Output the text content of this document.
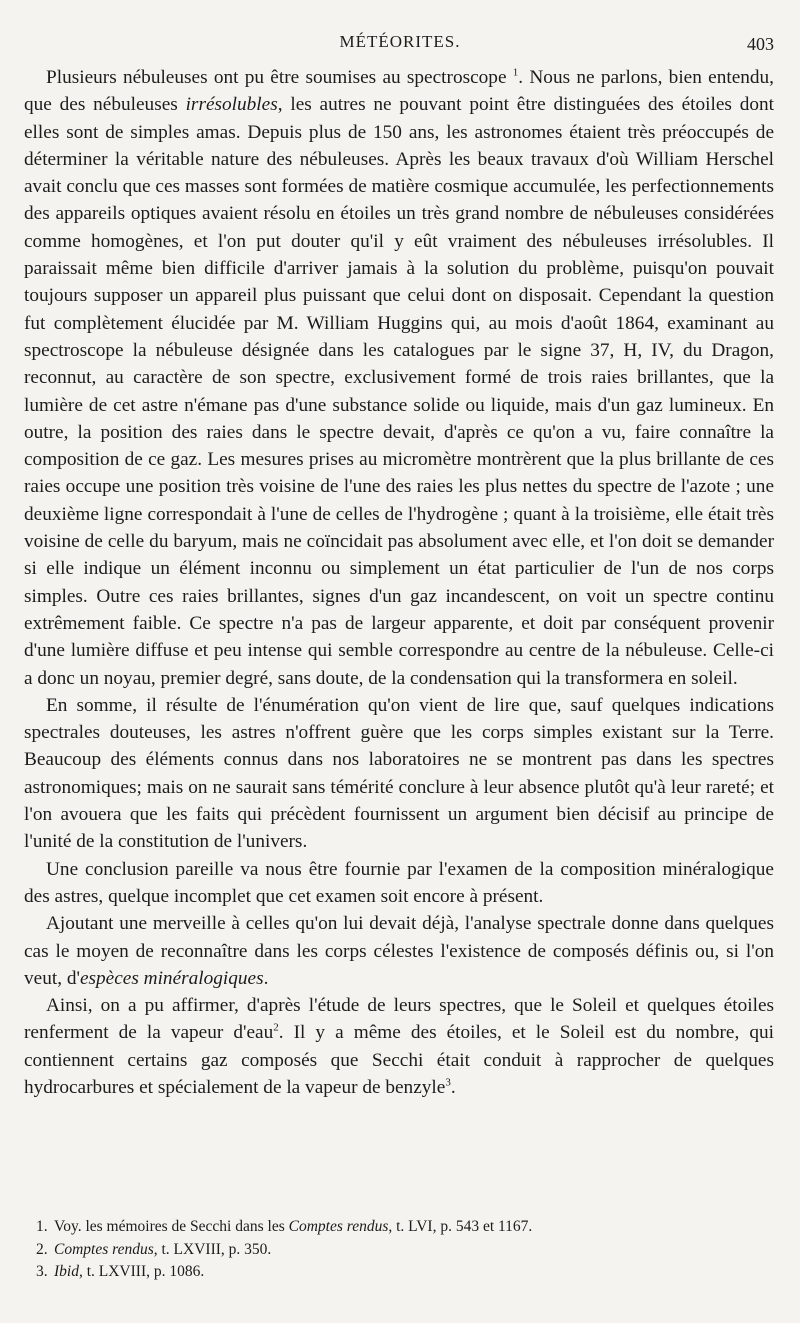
MÉTÉORITES.	403

Plusieurs nébuleuses ont pu être soumises au spectroscope $^1$. Nous ne parlons, bien entendu, que des nébuleuses irrésolubles, les autres ne pouvant point être distinguées des étoiles dont elles sont de simples amas. Depuis plus de 150 ans, les astronomes étaient très préoccupés de déterminer la véritable nature des nébuleuses. Après les beaux travaux d'où William Herschel avait conclu que ces masses sont formées de matière cosmique accumulée, les perfectionnements des appareils optiques avaient résolu en étoiles un très grand nombre de nébuleuses considérées comme homogènes, et l'on put douter qu'il y eût vraiment des nébuleuses irrésolubles. Il paraissait même bien difficile d'arriver jamais à la solution du problème, puisqu'on pouvait toujours supposer un appareil plus puissant que celui dont on disposait. Cependant la question fut complètement élucidée par M. William Huggins qui, au mois d'août 1864, examinant au spectroscope la nébuleuse désignée dans les catalogues par le signe 37, H, IV, du Dragon, reconnut, au caractère de son spectre, exclusivement formé de trois raies brillantes, que la lumière de cet astre n'émane pas d'une substance solide ou liquide, mais d'un gaz lumineux. En outre, la position des raies dans le spectre devait, d'après ce qu'on a vu, faire connaître la composition de ce gaz. Les mesures prises au micromètre montrèrent que la plus brillante de ces raies occupe une position très voisine de l'une des raies les plus nettes du spectre de l'azote ; une deuxième ligne correspondait à l'une de celles de l'hydrogène ; quant à la troisième, elle était très voisine de celle du baryum, mais ne coïncidait pas absolument avec elle, et l'on doit se demander si elle indique un élément inconnu ou simplement un état particulier de l'un de nos corps simples. Outre ces raies brillantes, signes d'un gaz incandescent, on voit un spectre continu extrêmement faible. Ce spectre n'a pas de largeur apparente, et doit par conséquent provenir d'une lumière diffuse et peu intense qui semble correspondre au centre de la nébuleuse. Celle-ci a donc un noyau, premier degré, sans doute, de la condensation qui la transformera en soleil.

En somme, il résulte de l'énumération qu'on vient de lire que, sauf quelques indications spectrales douteuses, les astres n'offrent guère que les corps simples existant sur la Terre. Beaucoup des éléments connus dans nos laboratoires ne se montrent pas dans les spectres astronomiques; mais on ne saurait sans témérité conclure à leur absence plutôt qu'à leur rareté; et l'on avouera que les faits qui précèdent fournissent un argument bien décisif au principe de l'unité de la constitution de l'univers.

Une conclusion pareille va nous être fournie par l'examen de la composition minéralogique des astres, quelque incomplet que cet examen soit encore à présent.

Ajoutant une merveille à celles qu'on lui devait déjà, l'analyse spectrale donne dans quelques cas le moyen de reconnaître dans les corps célestes l'existence de composés définis ou, si l'on veut, d'espèces minéralogiques.

Ainsi, on a pu affirmer, d'après l'étude de leurs spectres, que le Soleil et quelques étoiles renferment de la vapeur d'eau$^2$. Il y a même des étoiles, et le Soleil est du nombre, qui contiennent certains gaz composés que Secchi était conduit à rapprocher de quelques hydrocarbures et spécialement de la vapeur de benzyle$^3$.

1. Voy. les mémoires de Secchi dans les Comptes rendus, t. LVI, p. 543 et 1167.
2. Comptes rendus, t. LXVIII, p. 350.
3. Ibid, t. LXVIII, p. 1086.
